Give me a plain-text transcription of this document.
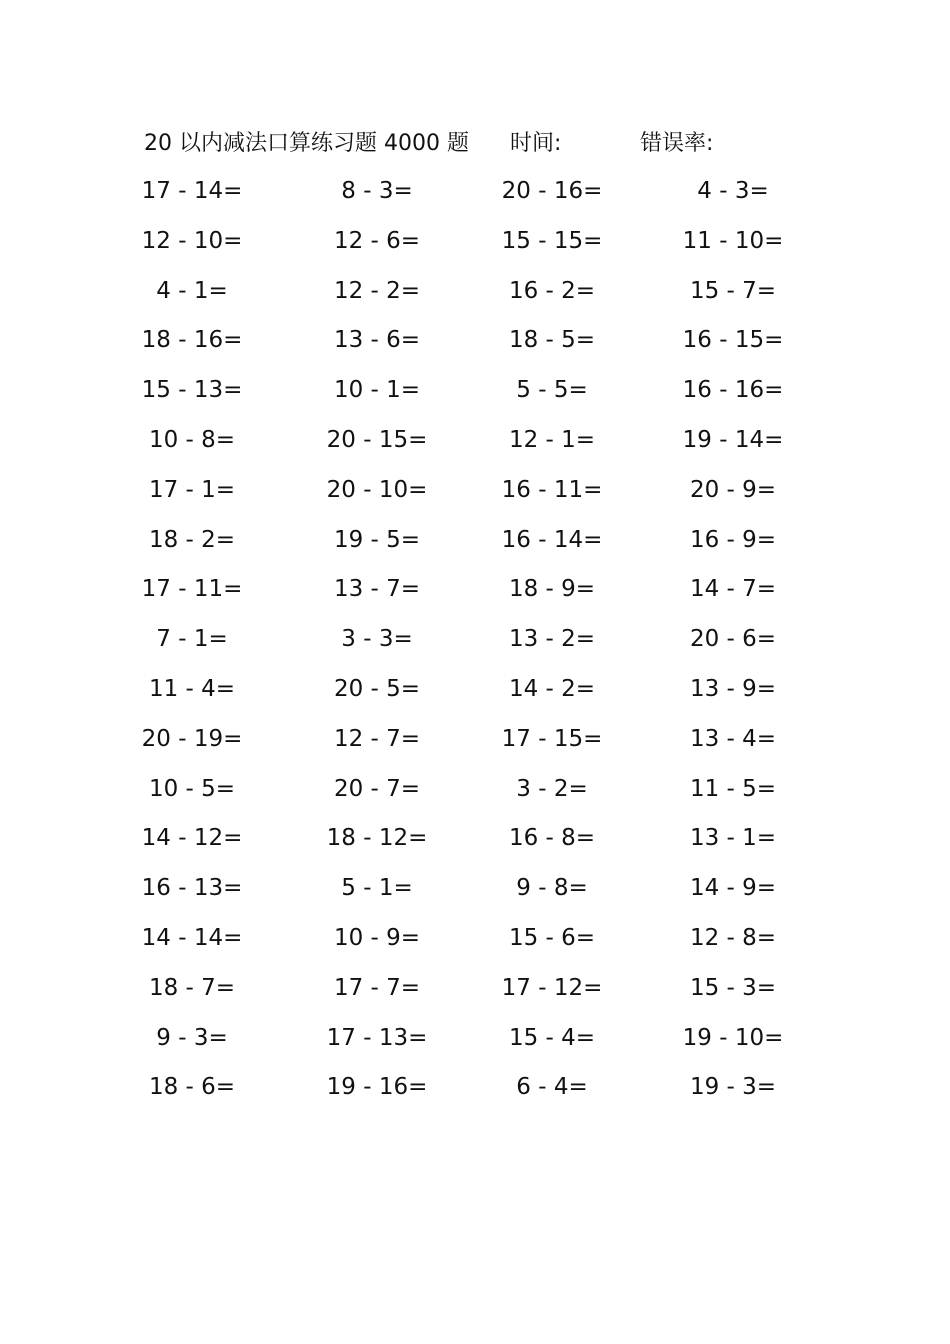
20 以内减法口算练习题 4000 题 时间:	错误率:
17 - 14=	8 - 3=	20 - 16=	4 - 3=
12 - 10=	12 - 6=	15 - 15=	11 - 10=
4 - 1=	12 - 2=	16 - 2=	15 - 7=
18 - 16=	13 - 6=	18 - 5=	16 - 15=
15 - 13=	10 - 1=	5 - 5=	16 - 16=
10 - 8=	20 - 15=	12 - 1=	19 - 14=
17 - 1=	20 - 10=	16 - 11=	20 - 9=
18 - 2=	19 - 5=	16 - 14=	16 - 9=
17 - 11=	13 - 7=	18 - 9=	14 - 7=
7 - 1=	3 - 3=	13 - 2=	20 - 6=
11 - 4=	20 - 5=	14 - 2=	13 - 9=
20 - 19=	12 - 7=	17 - 15=	13 - 4=
10 - 5=	20 - 7=	3 - 2=	11 - 5=
14 - 12=	18 - 12=	16 - 8=	13 - 1=
16 - 13=	5 - 1=	9 - 8=	14 - 9=
14 - 14=	10 - 9=	15 - 6=	12 - 8=
18 - 7=	17 - 7=	17 - 12=	15 - 3=
9 - 3=	17 - 13=	15 - 4=	19 - 10=
18 - 6=	19 - 16=	6 - 4=	19 - 3=
